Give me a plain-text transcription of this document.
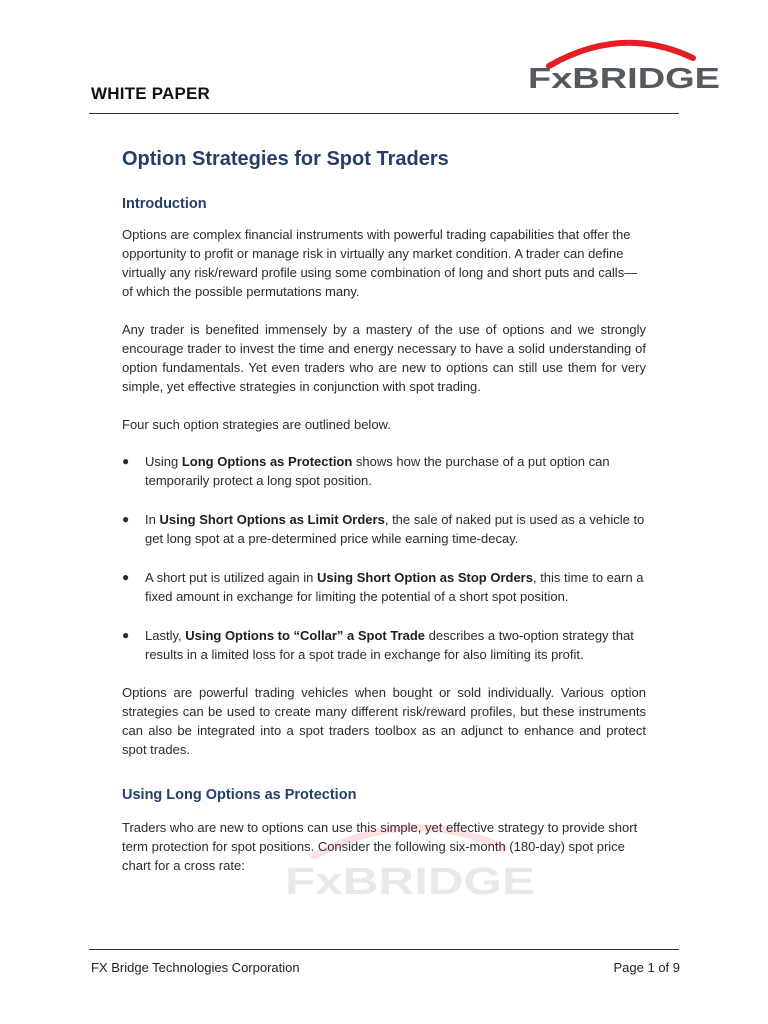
WHITE PAPER	FxBRIDGE
Option Strategies for Spot Traders
Introduction

Options are complex financial instruments with powerful trading capabilities that offer the opportunity to profit or manage risk in virtually any market condition. A trader can define virtually any risk/reward profile using some combination of long and short puts and calls—of which the possible permutations many.

Any trader is benefited immensely by a mastery of the use of options and we strongly encourage trader to invest the time and energy necessary to have a solid understanding of option fundamentals. Yet even traders who are new to options can still use them for very simple, yet effective strategies in conjunction with spot trading.

Four such option strategies are outlined below.

● Using Long Options as Protection shows how the purchase of a put option can temporarily protect a long spot position.
● In Using Short Options as Limit Orders, the sale of naked put is used as a vehicle to get long spot at a pre-determined price while earning time-decay.
● A short put is utilized again in Using Short Option as Stop Orders, this time to earn a fixed amount in exchange for limiting the potential of a short spot position.
● Lastly, Using Options to “Collar” a Spot Trade describes a two-option strategy that results in a limited loss for a spot trade in exchange for also limiting its profit.

Options are powerful trading vehicles when bought or sold individually. Various option strategies can be used to create many different risk/reward profiles, but these instruments can also be integrated into a spot traders toolbox as an adjunct to enhance and protect spot trades.

Using Long Options as Protection

Traders who are new to options can use this simple, yet effective strategy to provide short term protection for spot positions. Consider the following six-month (180-day) spot price chart for a cross rate:	FxBRIDGE
FX Bridge Technologies Corporation	Page 1 of 9
